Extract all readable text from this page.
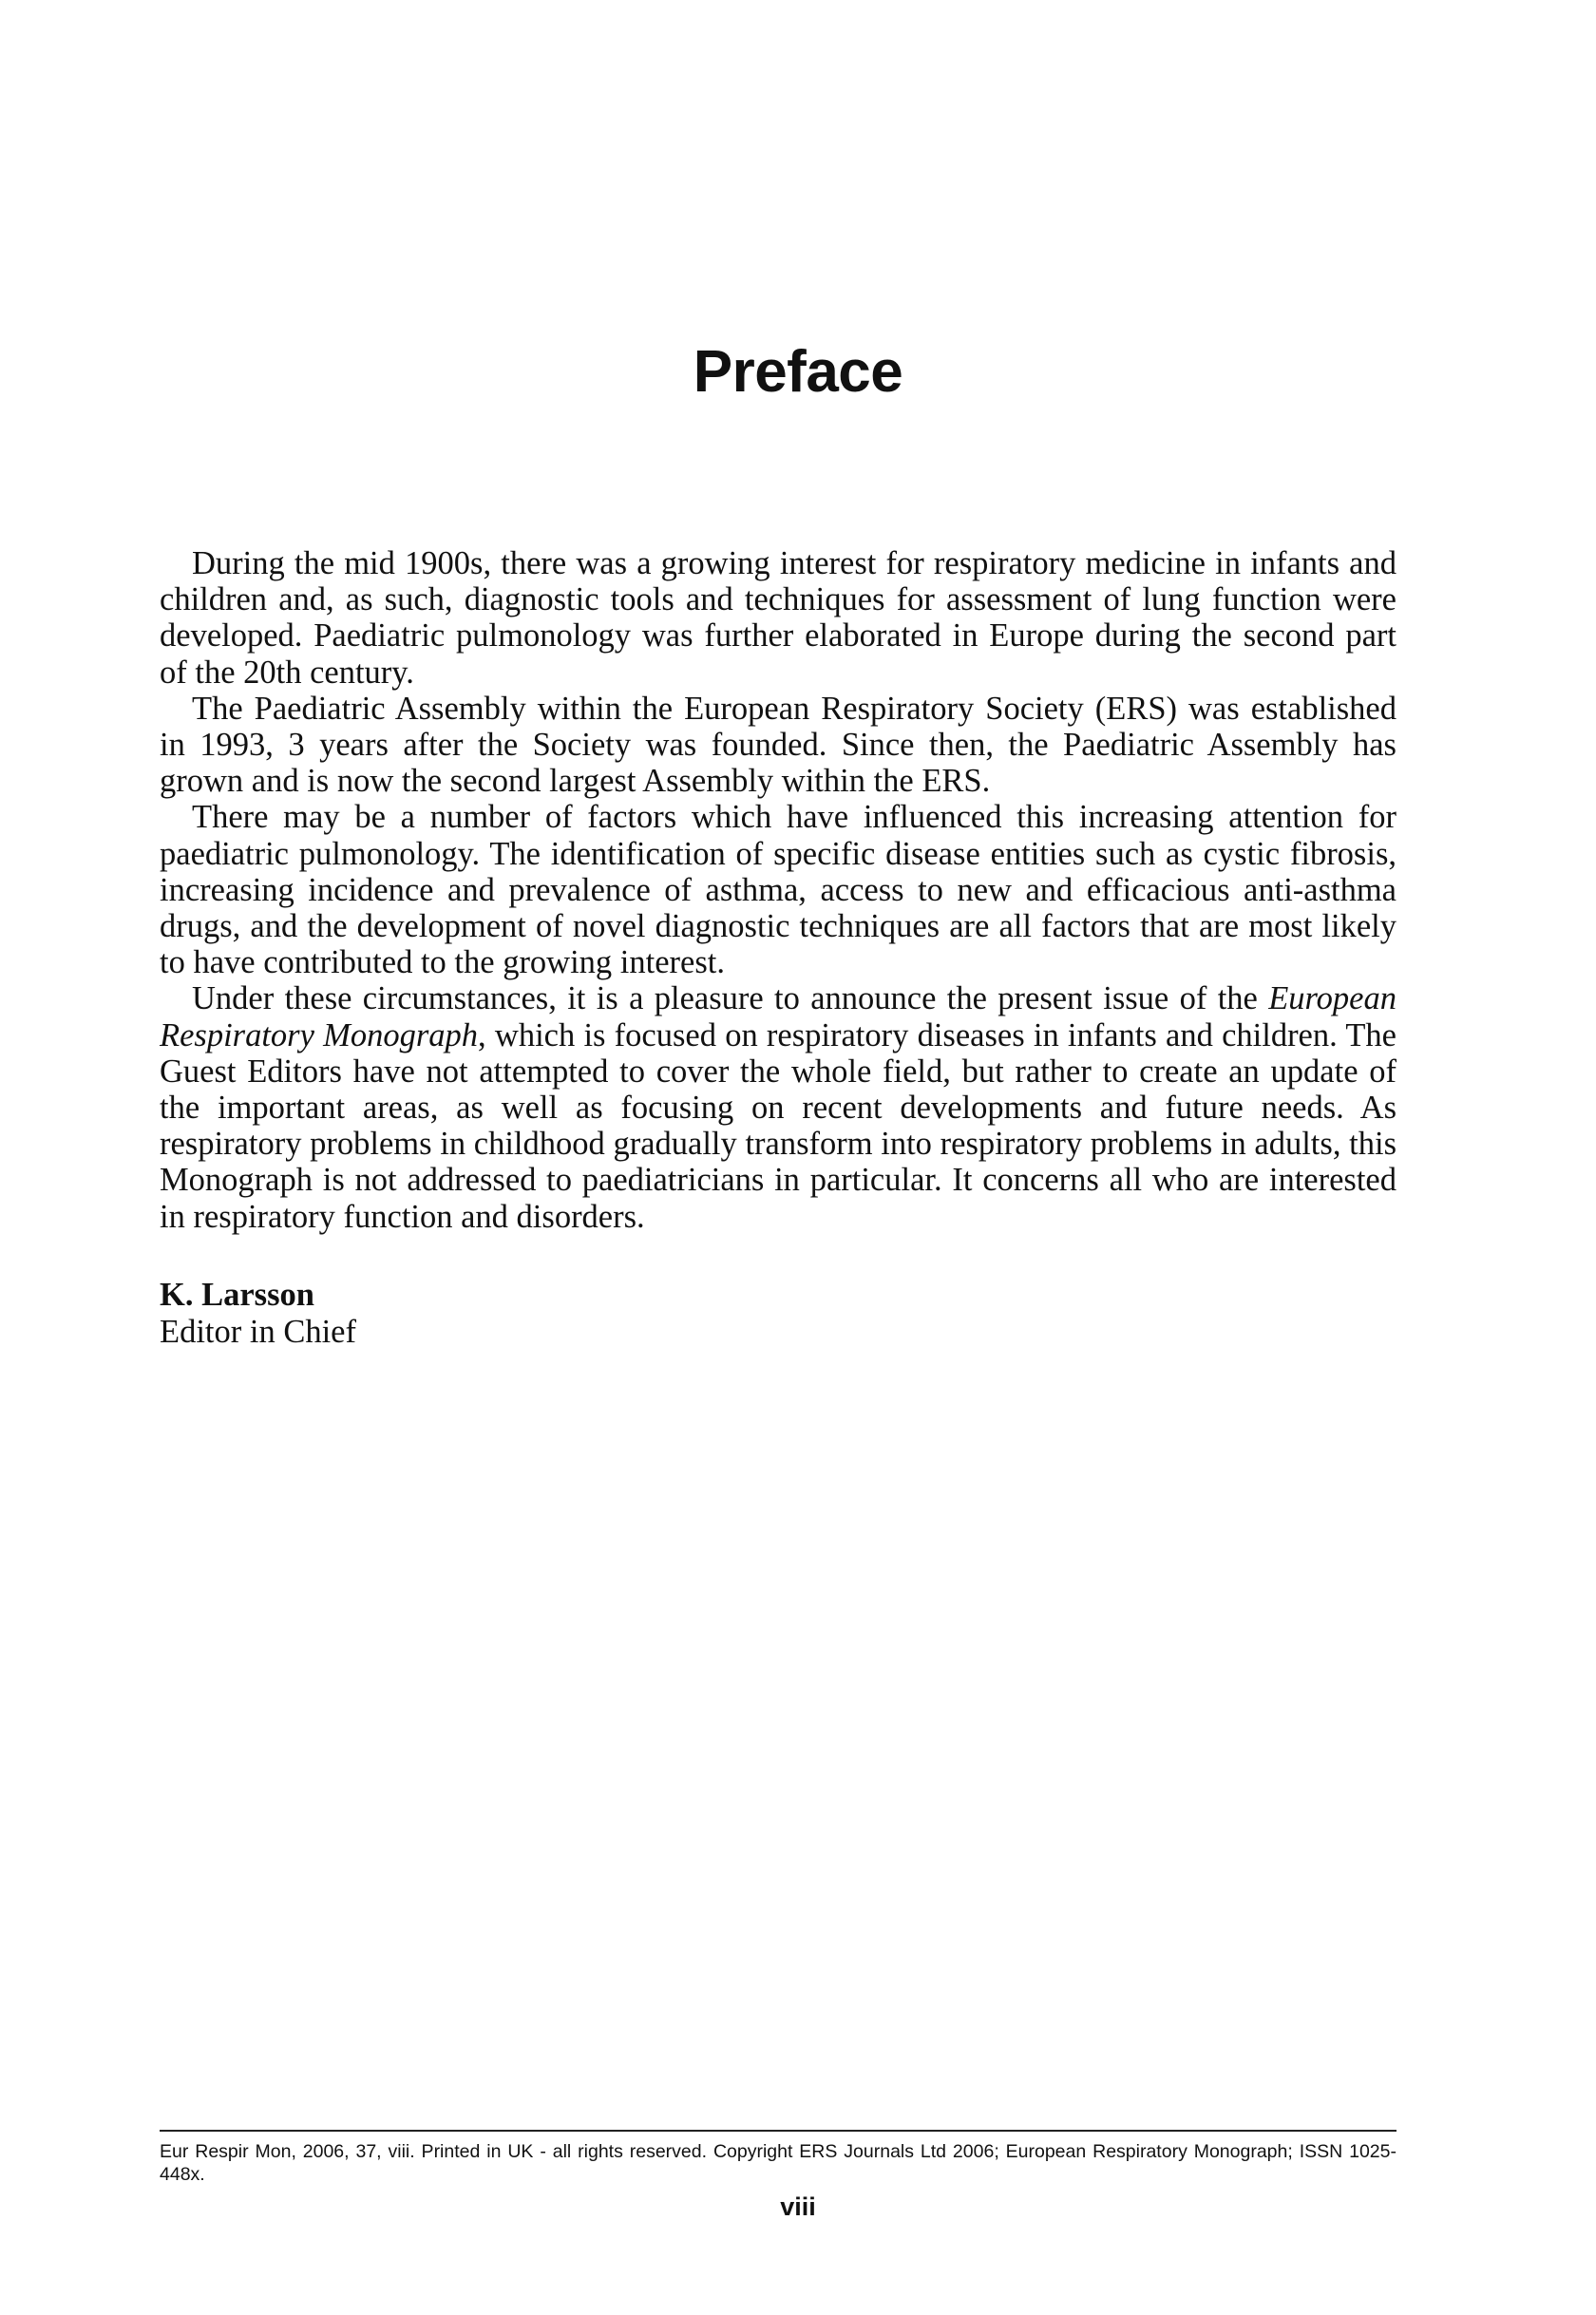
Preface

During the mid 1900s, there was a growing interest for respiratory medicine in infants and children and, as such, diagnostic tools and techniques for assessment of lung function were developed. Paediatric pulmonology was further elaborated in Europe during the second part of the 20th century.

The Paediatric Assembly within the European Respiratory Society (ERS) was established in 1993, 3 years after the Society was founded. Since then, the Paediatric Assembly has grown and is now the second largest Assembly within the ERS.

There may be a number of factors which have influenced this increasing attention for paediatric pulmonology. The identification of specific disease entities such as cystic fibrosis, increasing incidence and prevalence of asthma, access to new and efficacious anti-asthma drugs, and the development of novel diagnostic techniques are all factors that are most likely to have contributed to the growing interest.

Under these circumstances, it is a pleasure to announce the present issue of the European Respiratory Monograph, which is focused on respiratory diseases in infants and children. The Guest Editors have not attempted to cover the whole field, but rather to create an update of the important areas, as well as focusing on recent developments and future needs. As respiratory problems in childhood gradually transform into respiratory problems in adults, this Monograph is not addressed to paediatricians in particular. It concerns all who are interested in respiratory function and disorders.

K. Larsson
Editor in Chief

Eur Respir Mon, 2006, 37, viii. Printed in UK - all rights reserved. Copyright ERS Journals Ltd 2006; European Respiratory Monograph; ISSN 1025-448x.

viii
